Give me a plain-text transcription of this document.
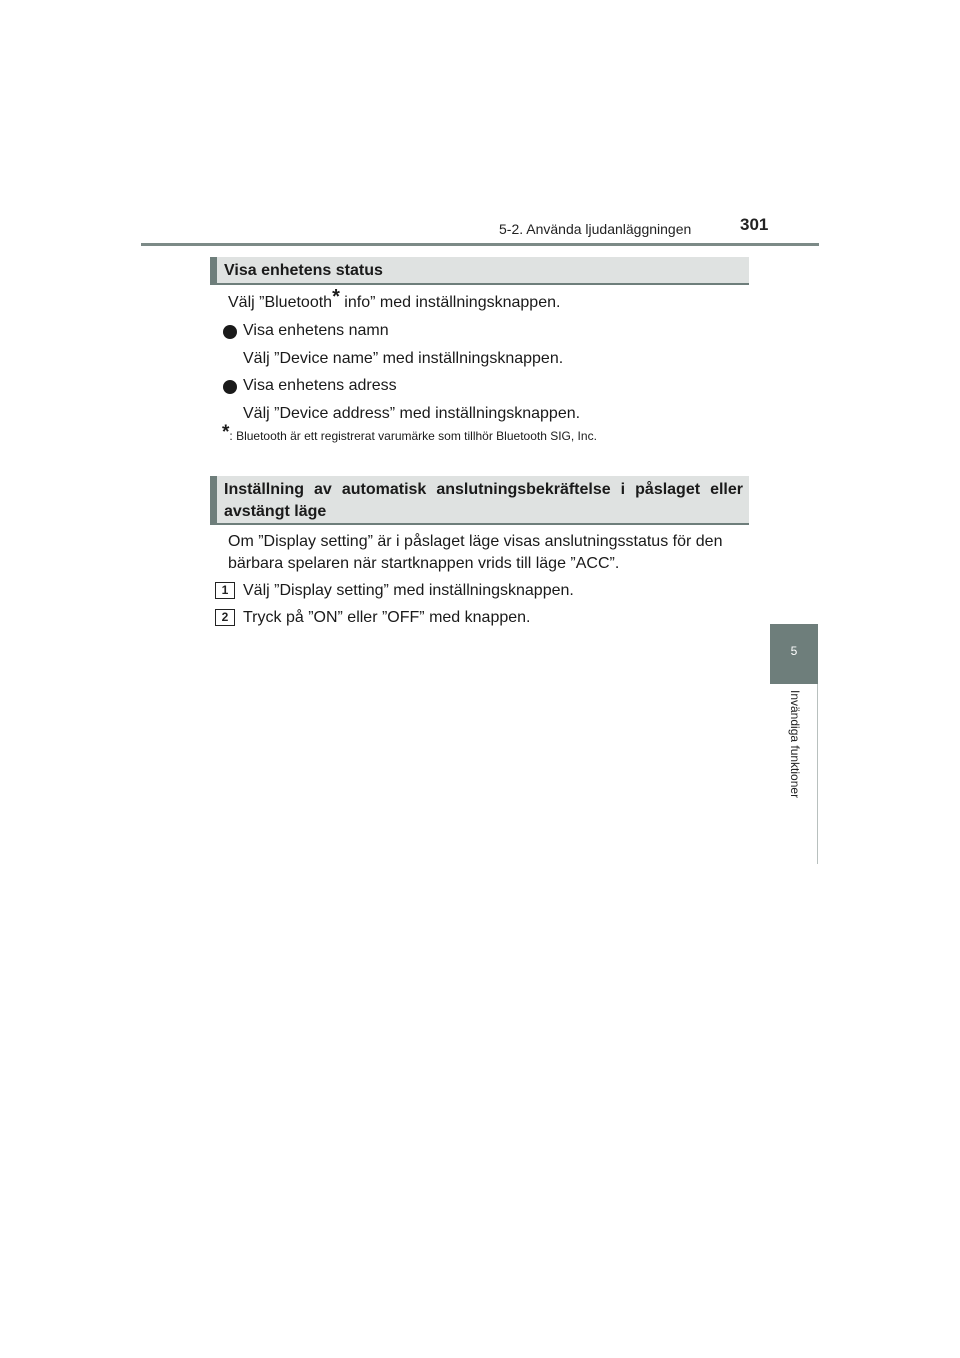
5-2. Använda ljudanläggningen	301
5
Invändiga funktioner
Visa enhetens status
Välj ”Bluetooth* info” med inställningsknappen.
Visa enhetens namn
Välj ”Device name” med inställningsknappen.
Visa enhetens adress
Välj ”Device address” med inställningsknappen.
*: Bluetooth är ett registrerat varumärke som tillhör Bluetooth SIG, Inc.
Inställning av automatisk anslutningsbekräftelse i påslaget eller
avstängt läge
Om ”Display setting” är i påslaget läge visas anslutningsstatus för den
bärbara spelaren när startknappen vrids till läge ”ACC”.
1 Välj ”Display setting” med inställningsknappen.
2 Tryck på ”ON” eller ”OFF” med knappen.
